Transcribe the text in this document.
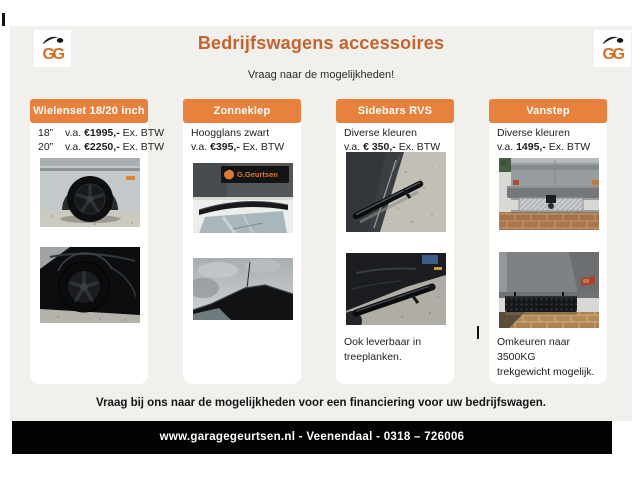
GG	GG
Bedrijfswagens accessoires
Vraag naar de mogelijkheden!
Wielenset 18/20 inch
18” v.a. €1995,- Ex. BTW
20” v.a. €2250,- Ex. BTW
Zonneklep
Hoogglans zwart
v.a. €395,- Ex. BTW
G.Geurtsen
Sidebars RVS
Diverse kleuren
v.a. € 350,- Ex. BTW
Ook leverbaar in treeplanken.
Vanstep
Diverse kleuren
v.a. 1495,- Ex. BTW
Omkeuren naar 3500KG
trekgewicht mogelijk.
Vraag bij ons naar de mogelijkheden voor een financiering voor uw bedrijfswagen.
www.garagegeurtsen.nl - Veenendaal - 0318 – 726006
